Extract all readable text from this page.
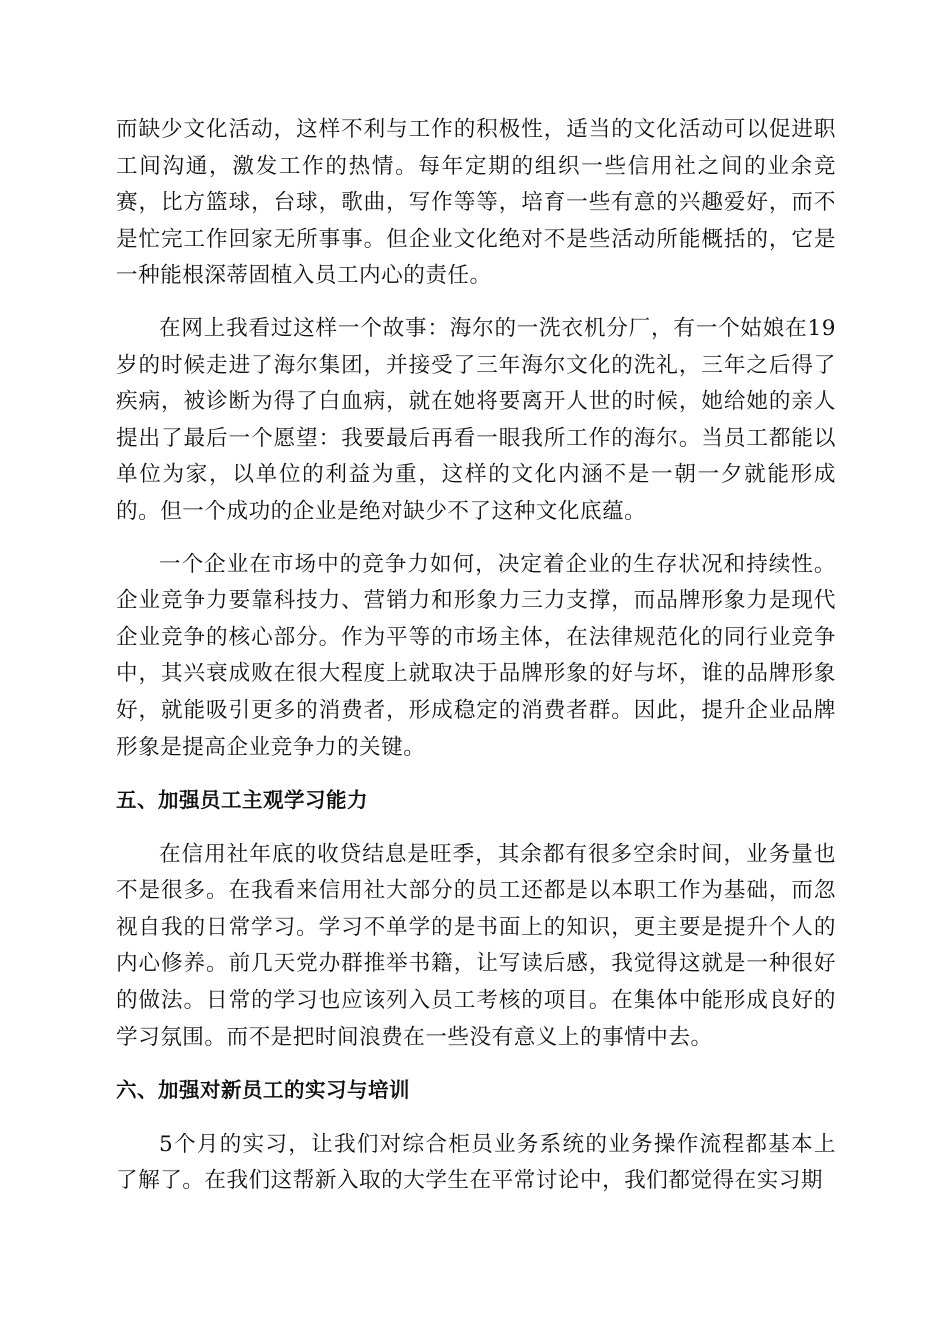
而缺少文化活动，这样不利与工作的积极性，适当的文化活动可以促进职工间沟通，激发工作的热情。每年定期的组织一些信用社之间的业余竞赛，比方篮球，台球，歌曲，写作等等，培育一些有意的兴趣爱好，而不是忙完工作回家无所事事。但企业文化绝对不是些活动所能概括的，它是一种能根深蒂固植入员工内心的责任。

在网上我看过这样一个故事：海尔的一洗衣机分厂，有一个姑娘在19岁的时候走进了海尔集团，并接受了三年海尔文化的洗礼，三年之后得了疾病，被诊断为得了白血病，就在她将要离开人世的时候，她给她的亲人提出了最后一个愿望：我要最后再看一眼我所工作的海尔。当员工都能以单位为家，以单位的利益为重，这样的文化内涵不是一朝一夕就能形成的。但一个成功的企业是绝对缺少不了这种文化底蕴。

一个企业在市场中的竞争力如何，决定着企业的生存状况和持续性。企业竞争力要靠科技力、营销力和形象力三力支撑，而品牌形象力是现代企业竞争的核心部分。作为平等的市场主体，在法律规范化的同行业竞争中，其兴衰成败在很大程度上就取决于品牌形象的好与坏，谁的品牌形象好，就能吸引更多的消费者，形成稳定的消费者群。因此，提升企业品牌形象是提高企业竞争力的关键。

五、加强员工主观学习能力

在信用社年底的收贷结息是旺季，其余都有很多空余时间，业务量也不是很多。在我看来信用社大部分的员工还都是以本职工作为基础，而忽视自我的日常学习。学习不单学的是书面上的知识，更主要是提升个人的内心修养。前几天党办群推举书籍，让写读后感，我觉得这就是一种很好的做法。日常的学习也应该列入员工考核的项目。在集体中能形成良好的学习氛围。而不是把时间浪费在一些没有意义上的事情中去。

六、加强对新员工的实习与培训

5个月的实习，让我们对综合柜员业务系统的业务操作流程都基本上了解了。在我们这帮新入取的大学生在平常讨论中，我们都觉得在实习期
